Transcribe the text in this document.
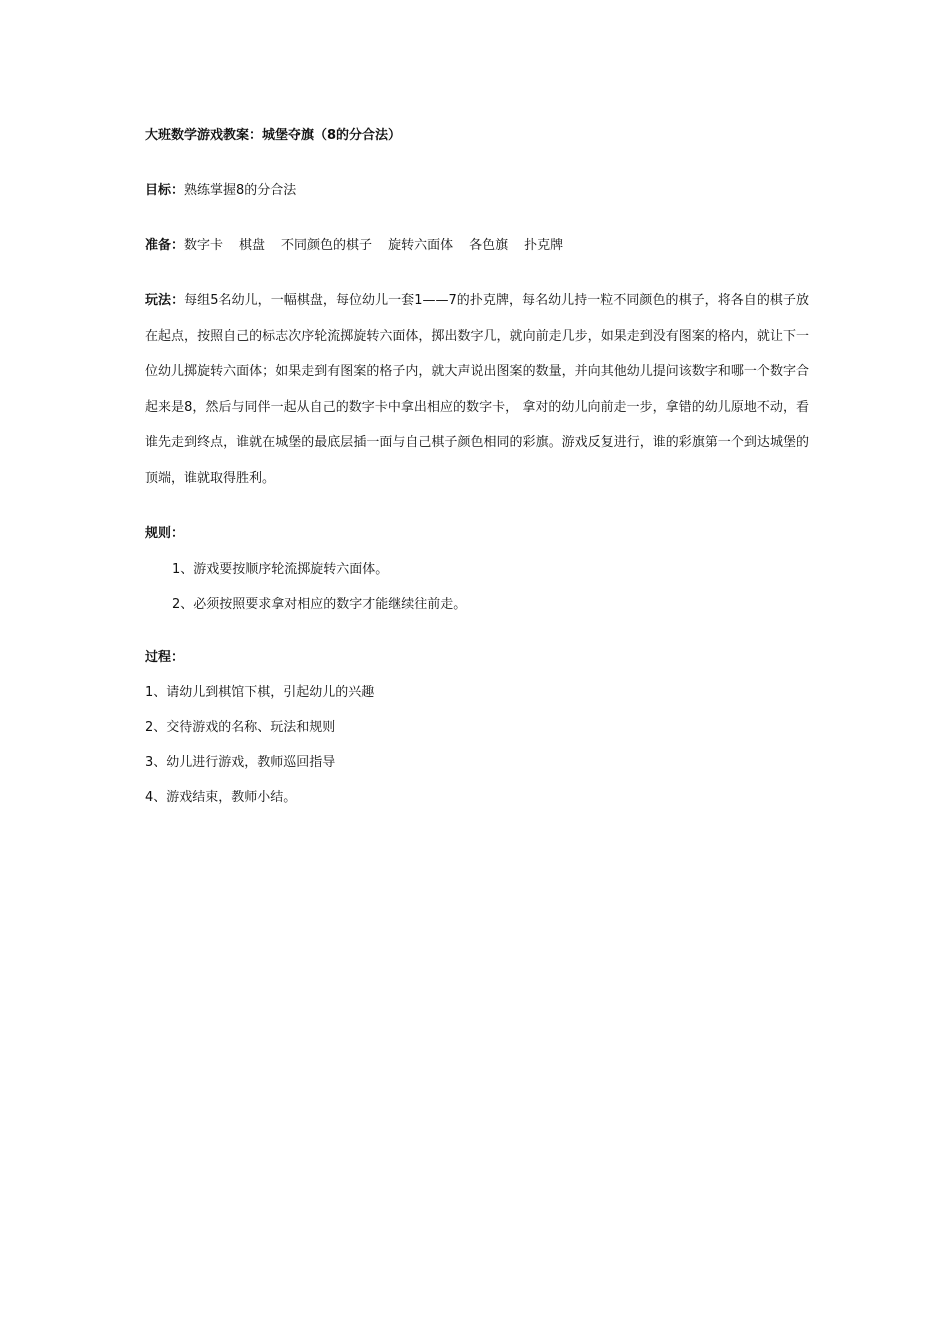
大班数学游戏教案：城堡夺旗（8的分合法）

目标：熟练掌握8的分合法

准备：数字卡 棋盘 不同颜色的棋子 旋转六面体 各色旗 扑克牌

玩法：每组5名幼儿，一幅棋盘，每位幼儿一套1——7的扑克牌，每名幼儿持一粒不同颜色的棋子，将各自的棋子放在起点，按照自己的标志次序轮流掷旋转六面体，掷出数字几，就向前走几步，如果走到没有图案的格内，就让下一位幼儿掷旋转六面体；如果走到有图案的格子内，就大声说出图案的数量，并向其他幼儿提问该数字和哪一个数字合起来是8，然后与同伴一起从自己的数字卡中拿出相应的数字卡， 拿对的幼儿向前走一步，拿错的幼儿原地不动，看谁先走到终点，谁就在城堡的最底层插一面与自己棋子颜色相同的彩旗。游戏反复进行，谁的彩旗第一个到达城堡的顶端，谁就取得胜利。

规则：

1、游戏要按顺序轮流掷旋转六面体。

2、必须按照要求拿对相应的数字才能继续往前走。

过程：

1、请幼儿到棋馆下棋，引起幼儿的兴趣

2、交待游戏的名称、玩法和规则

3、幼儿进行游戏，教师巡回指导

4、游戏结束，教师小结。
